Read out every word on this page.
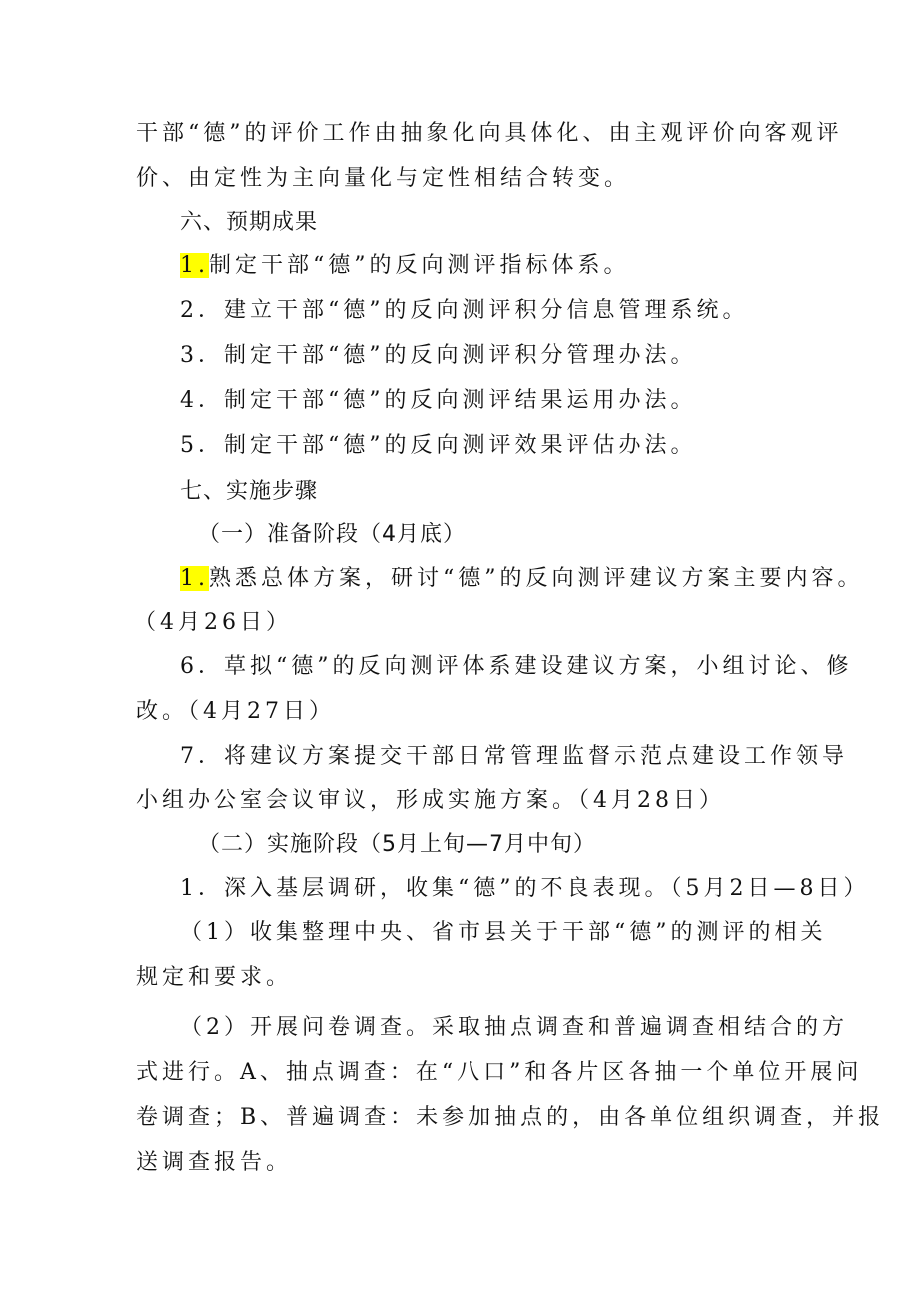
干部“德”的评价工作由抽象化向具体化、由主观评价向客观评
价、由定性为主向量化与定性相结合转变。
六、预期成果
1.制定干部“德”的反向测评指标体系。
2．建立干部“德”的反向测评积分信息管理系统。
3．制定干部“德”的反向测评积分管理办法。
4．制定干部“德”的反向测评结果运用办法。
5．制定干部“德”的反向测评效果评估办法。
七、实施步骤
（一）准备阶段（4月底）
1.熟悉总体方案，研讨“德”的反向测评建议方案主要内容。
（4月26日）
6．草拟“德”的反向测评体系建设建议方案，小组讨论、修
改。（4月27日）
7．将建议方案提交干部日常管理监督示范点建设工作领导
小组办公室会议审议，形成实施方案。（4月28日）
（二）实施阶段（5月上旬—7月中旬）
1．深入基层调研，收集“德”的不良表现。（5月2日—8日）
（1）收集整理中央、省市县关于干部“德”的测评的相关
规定和要求。
（2）开展问卷调查。采取抽点调查和普遍调查相结合的方
式进行。A、抽点调查：在“八口”和各片区各抽一个单位开展问
卷调查；B、普遍调查：未参加抽点的，由各单位组织调查，并报
送调查报告。
